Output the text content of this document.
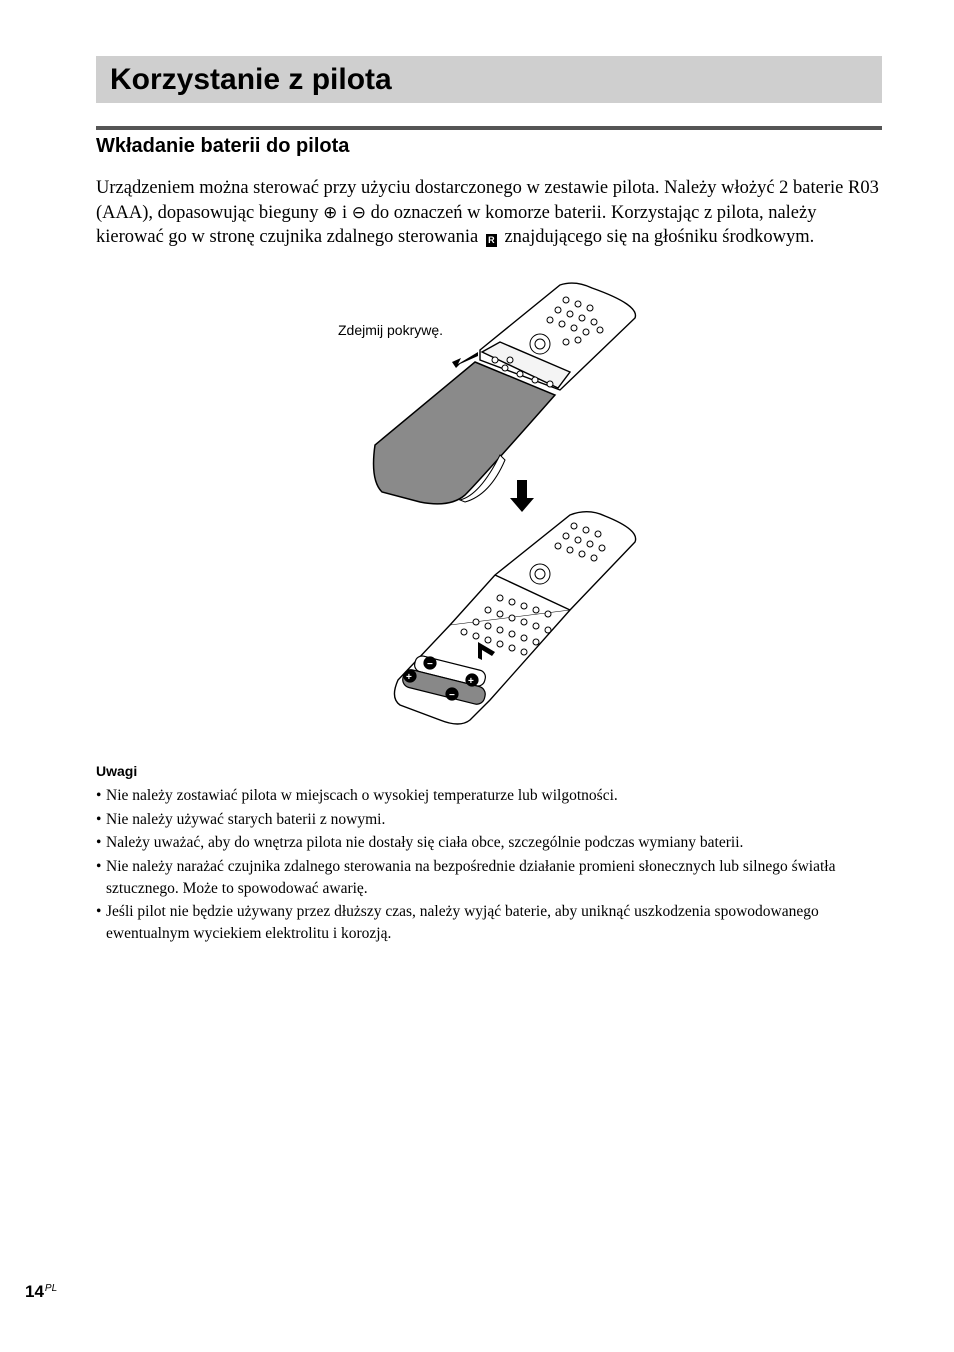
Korzystanie z pilota
Wkładanie baterii do pilota

Urządzeniem można sterować przy użyciu dostarczonego w zestawie pilota. Należy włożyć 2 baterie R03 (AAA), dopasowując bieguny ⊕ i ⊖ do oznaczeń w komorze baterii. Korzystając z pilota, należy kierować go w stronę czujnika zdalnego sterowania R znajdującego się na głośniku środkowym.

+
−
+
−
Zdejmij pokrywę.
Uwagi
• Nie należy zostawiać pilota w miejscach o wysokiej temperaturze lub wilgotności.
• Nie należy używać starych baterii z nowymi.
• Należy uważać, aby do wnętrza pilota nie dostały się ciała obce, szczególnie podczas wymiany baterii.
• Nie należy narażać czujnika zdalnego sterowania na bezpośrednie działanie promieni słonecznych lub silnego światła sztucznego. Może to spowodować awarię.
• Jeśli pilot nie będzie używany przez dłuższy czas, należy wyjąć baterie, aby uniknąć uszkodzenia spowodowanego ewentualnym wyciekiem elektrolitu i korozją.
$14^{PL}$
